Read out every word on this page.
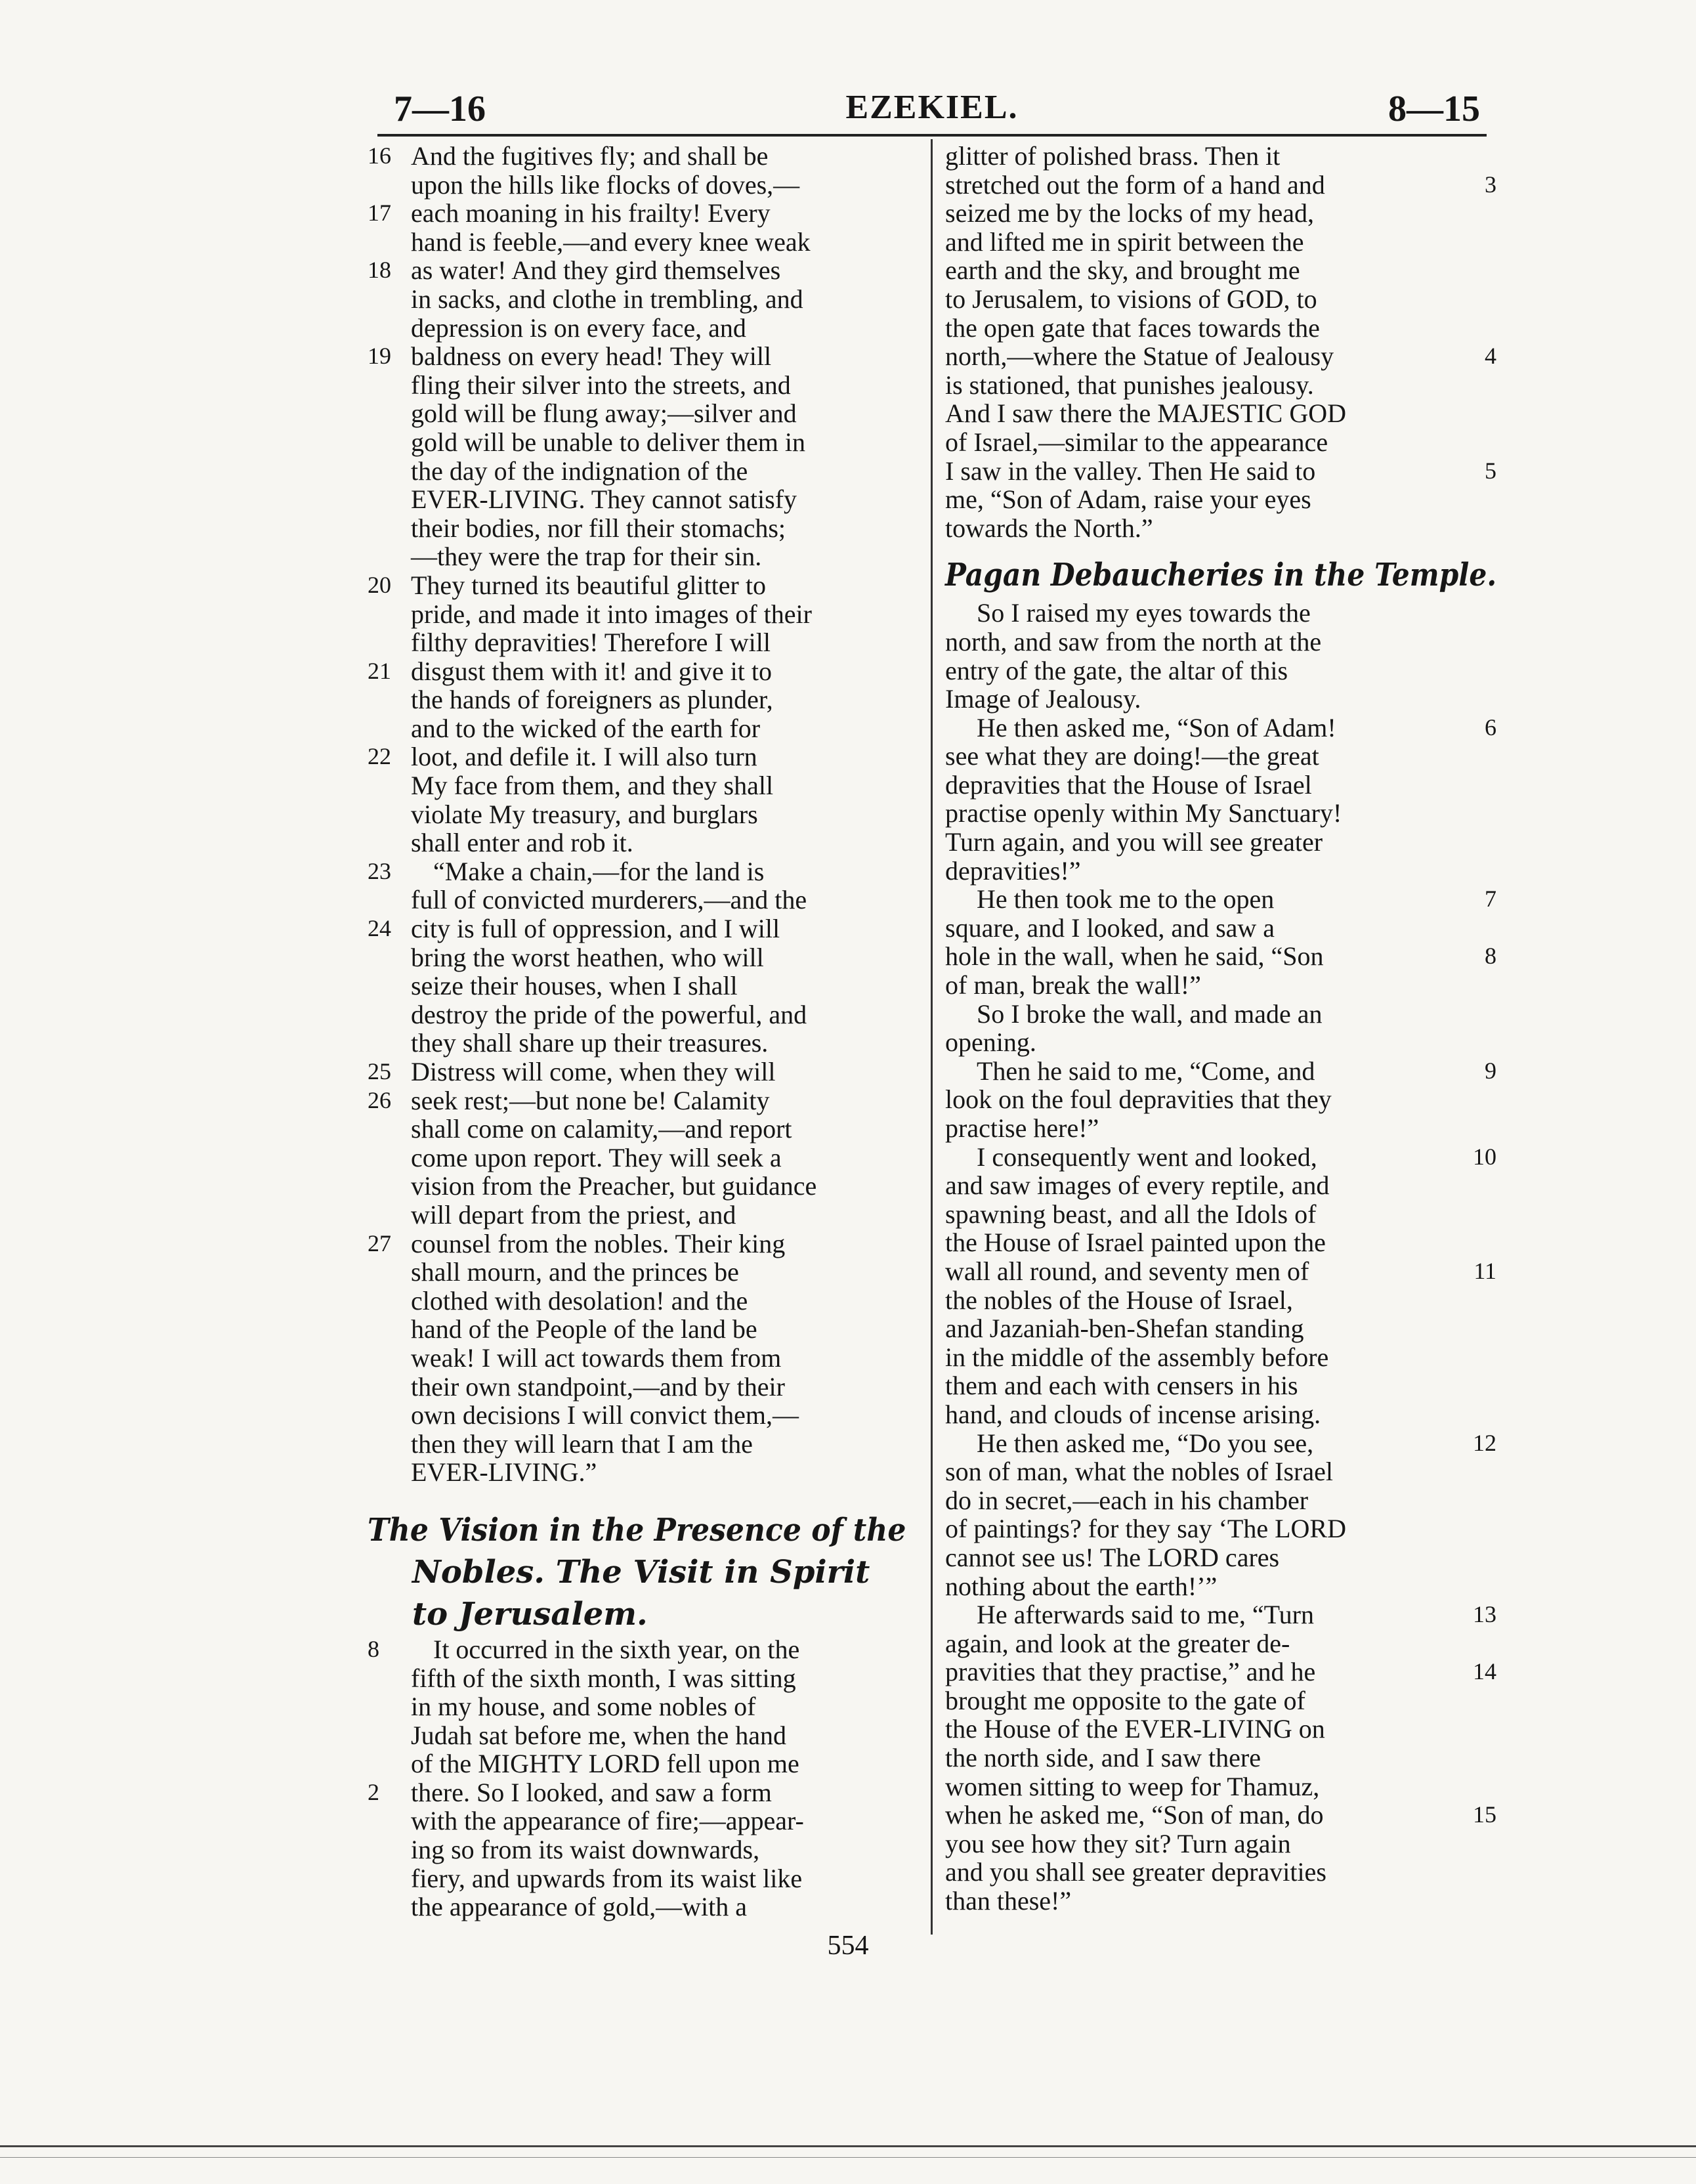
7—16	EZEKIEL.	8—15
16 And the fugitives fly; and shall be
upon the hills like flocks of doves,—
17 each moaning in his frailty! Every
hand is feeble,—and every knee weak
18 as water! And they gird themselves
in sacks, and clothe in trembling, and
depression is on every face, and
19 baldness on every head! They will
fling their silver into the streets, and
gold will be flung away;—silver and
gold will be unable to deliver them in
the day of the indignation of the
EVER-LIVING. They cannot satisfy
their bodies, nor fill their stomachs;
—they were the trap for their sin.
20 They turned its beautiful glitter to
pride, and made it into images of their
filthy depravities! Therefore I will
21 disgust them with it! and give it to
the hands of foreigners as plunder,
and to the wicked of the earth for
22 loot, and defile it. I will also turn
My face from them, and they shall
violate My treasury, and burglars
shall enter and rob it.
23	“Make a chain,—for the land is
full of convicted murderers,—and the
24 city is full of oppression, and I will
bring the worst heathen, who will
seize their houses, when I shall
destroy the pride of the powerful, and
they shall share up their treasures.
25 Distress will come, when they will
26 seek rest;—but none be! Calamity
shall come on calamity,—and report
come upon report. They will seek a
vision from the Preacher, but guidance
will depart from the priest, and
27 counsel from the nobles. Their king
shall mourn, and the princes be
clothed with desolation! and the
hand of the People of the land be
weak! I will act towards them from
their own standpoint,—and by their
own decisions I will convict them,—
then they will learn that I am the
EVER-LIVING.”
The Vision in the Presence of the
Nobles. The Visit in Spirit
to Jerusalem.
8	It occurred in the sixth year, on the
fifth of the sixth month, I was sitting
in my house, and some nobles of
Judah sat before me, when the hand
of the MIGHTY LORD fell upon me
2	there. So I looked, and saw a form
with the appearance of fire;—appear-
ing so from its waist downwards,
fiery, and upwards from its waist like
the appearance of gold,—with a
glitter of polished brass. Then it
3
stretched out the form of a hand and
seized me by the locks of my head,
and lifted me in spirit between the
earth and the sky, and brought me
to Jerusalem, to visions of GOD, to
the open gate that faces towards the
4
north,—where the Statue of Jealousy
is stationed, that punishes jealousy.
And I saw there the MAJESTIC GOD
of Israel,—similar to the appearance
5
I saw in the valley. Then He said to
me, “Son of Adam, raise your eyes
towards the North.”
Pagan Debaucheries in the Temple.
So I raised my eyes towards the
north, and saw from the north at the
entry of the gate, the altar of this
Image of Jealousy.
6
He then asked me, “Son of Adam!
see what they are doing!—the great
depravities that the House of Israel
practise openly within My Sanctuary!
Turn again, and you will see greater
depravities!”
7
He then took me to the open
square, and I looked, and saw a
8
hole in the wall, when he said, “Son
of man, break the wall!”
So I broke the wall, and made an
opening.
9
Then he said to me, “Come, and
look on the foul depravities that they
practise here!”
10
I consequently went and looked,
and saw images of every reptile, and
spawning beast, and all the Idols of
the House of Israel painted upon the
11
wall all round, and seventy men of
the nobles of the House of Israel,
and Jazaniah-ben-Shefan standing
in the middle of the assembly before
them and each with censers in his
hand, and clouds of incense arising.
12
He then asked me, “Do you see,
son of man, what the nobles of Israel
do in secret,—each in his chamber
of paintings? for they say ‘The LORD
cannot see us! The LORD cares
nothing about the earth!’”
13
He afterwards said to me, “Turn
again, and look at the greater de-
14
pravities that they practise,” and he
brought me opposite to the gate of
the House of the EVER-LIVING on
the north side, and I saw there
women sitting to weep for Thamuz,
15
when he asked me, “Son of man, do
you see how they sit? Turn again
and you shall see greater depravities
than these!”
554
